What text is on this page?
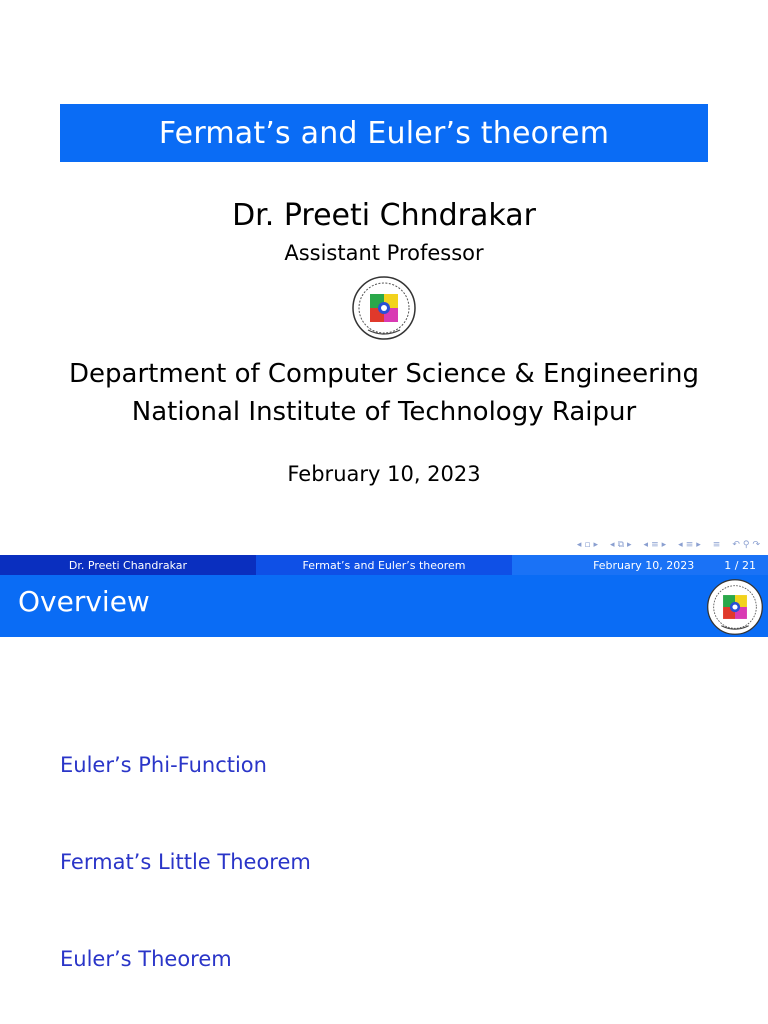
Fermat’s and Euler’s theorem
Dr. Preeti Chndrakar
Assistant Professor
Department of Computer Science & Engineering
National Institute of Technology Raipur
February 10, 2023
◂ ▫ ▸ ◂ ⧉ ▸ ◂ ≡ ▸ ◂ ≡ ▸ ≡ ↶ ⚲ ↷
Dr. Preeti Chandrakar	Fermat’s and Euler’s theorem	February 10, 2023	1 / 21
Overview
Euler’s Phi-Function
Fermat’s Little Theorem
Euler’s Theorem
